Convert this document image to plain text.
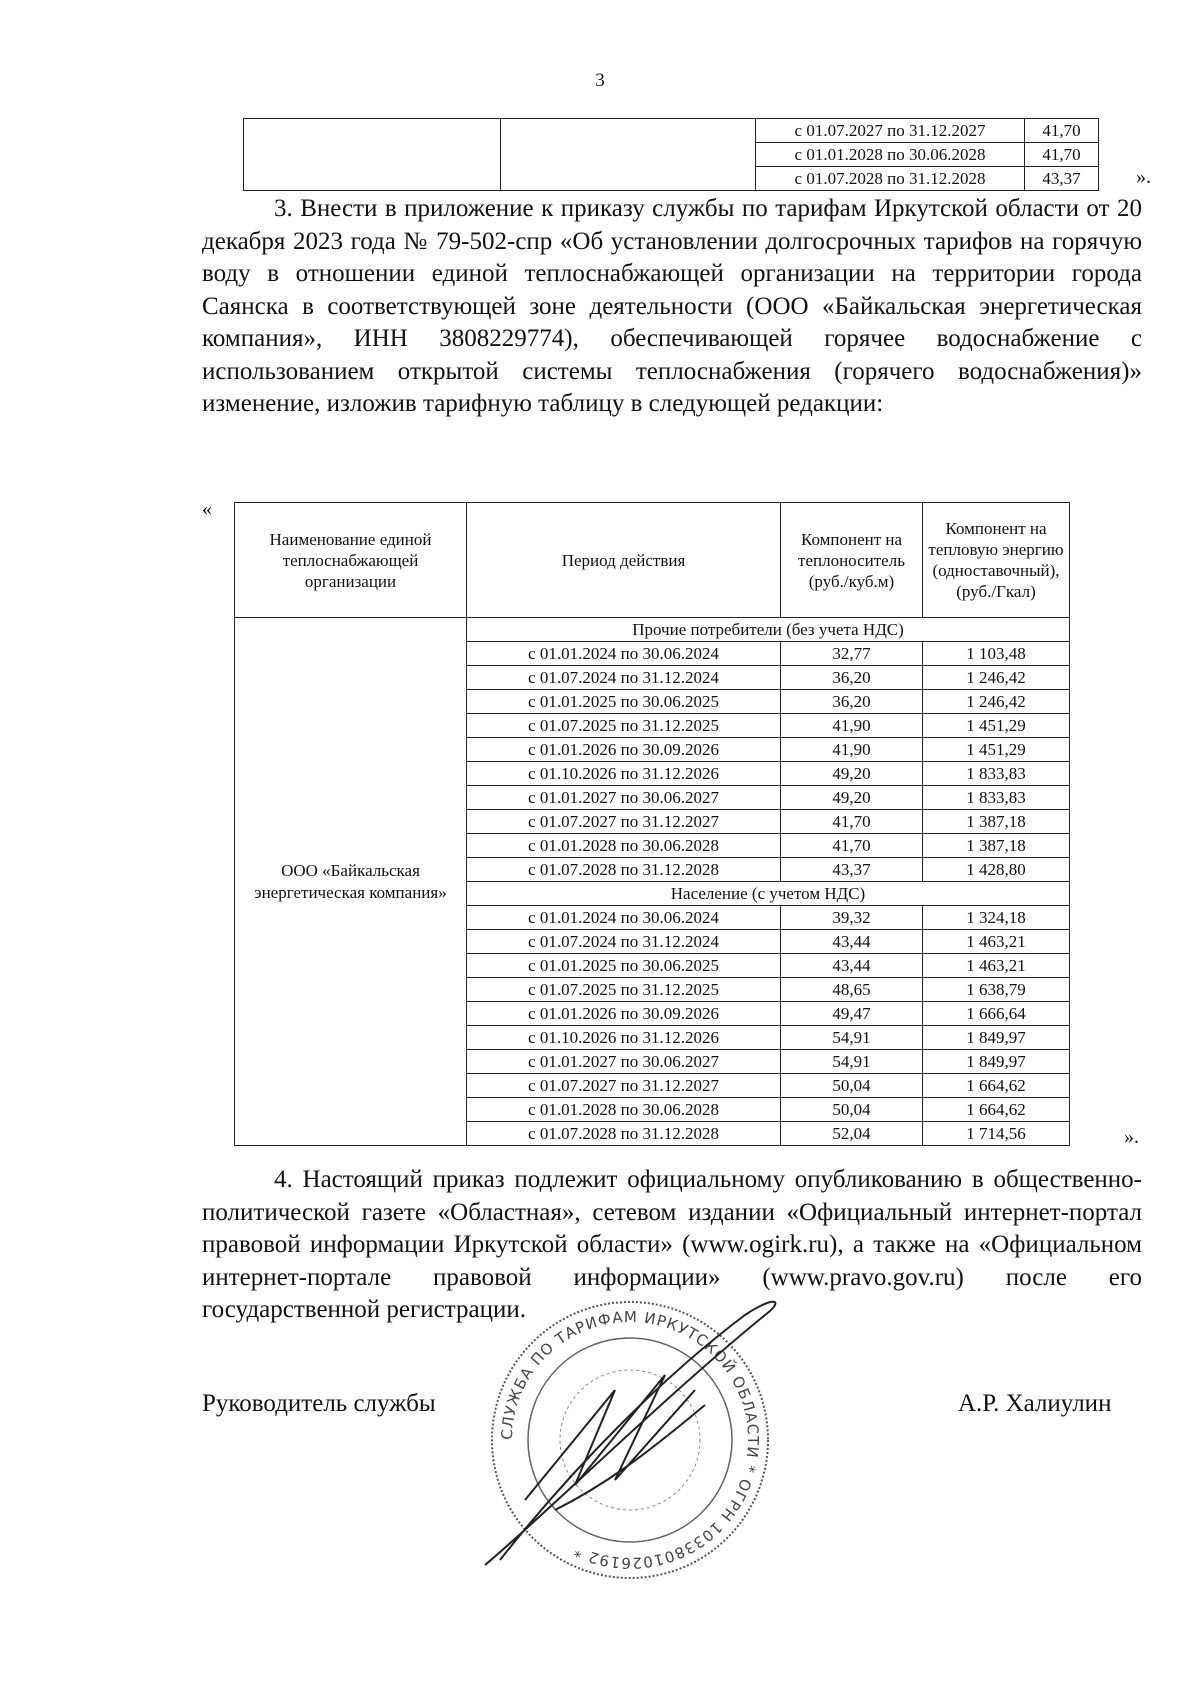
3
		с 01.07.2027 по 31.12.2027	41,70
		с 01.01.2028 по 30.06.2028	41,70
		с 01.07.2028 по 31.12.2028	43,37	».

3. Внести в приложение к приказу службы по тарифам Иркутской области от 20 декабря 2023 года № 79-502-спр «Об установлении долгосрочных тарифов на горячую воду в отношении единой теплоснабжающей организации на территории города Саянска в соответствующей зоне деятельности (ООО «Байкальская энергетическая компания», ИНН 3808229774), обеспечивающей горячее водоснабжение с использованием открытой системы теплоснабжения (горячего водоснабжения)» изменение, изложив тарифную таблицу в следующей редакции:

«
Наименование единой теплоснабжающей организации	Период действия	Компонент на теплоноситель (руб./куб.м)	Компонент на тепловую энергию (одноставочный), (руб./Гкал)
ООО «Байкальская энергетическая компания»	Прочие потребители (без учета НДС)		
	с 01.01.2024 по 30.06.2024	32,77	1 103,48
	с 01.07.2024 по 31.12.2024	36,20	1 246,42
	с 01.01.2025 по 30.06.2025	36,20	1 246,42
	с 01.07.2025 по 31.12.2025	41,90	1 451,29
	с 01.01.2026 по 30.09.2026	41,90	1 451,29
	с 01.10.2026 по 31.12.2026	49,20	1 833,83
	с 01.01.2027 по 30.06.2027	49,20	1 833,83
	с 01.07.2027 по 31.12.2027	41,70	1 387,18
	с 01.01.2028 по 30.06.2028	41,70	1 387,18
	с 01.07.2028 по 31.12.2028	43,37	1 428,80
	Население (с учетом НДС)		
	с 01.01.2024 по 30.06.2024	39,32	1 324,18
	с 01.07.2024 по 31.12.2024	43,44	1 463,21
	с 01.01.2025 по 30.06.2025	43,44	1 463,21
	с 01.07.2025 по 31.12.2025	48,65	1 638,79
	с 01.01.2026 по 30.09.2026	49,47	1 666,64
	с 01.10.2026 по 31.12.2026	54,91	1 849,97
	с 01.01.2027 по 30.06.2027	54,91	1 849,97
	с 01.07.2027 по 31.12.2027	50,04	1 664,62
	с 01.01.2028 по 30.06.2028	50,04	1 664,62
	с 01.07.2028 по 31.12.2028	52,04	1 714,56	».

4. Настоящий приказ подлежит официальному опубликованию в общественно-политической газете «Областная», сетевом издании «Официальный интернет-портал правовой информации Иркутской области» (www.ogirk.ru), а также на «Официальном интернет-портале правовой информации» (www.pravo.gov.ru) после его государственной регистрации.

Руководитель службы	А.Р. Халиулин
СЛУЖБА ПО ТАРИФАМ ИРКУТСКОЙ ОБЛАСТИ * ОГРН 1033801026192 *
